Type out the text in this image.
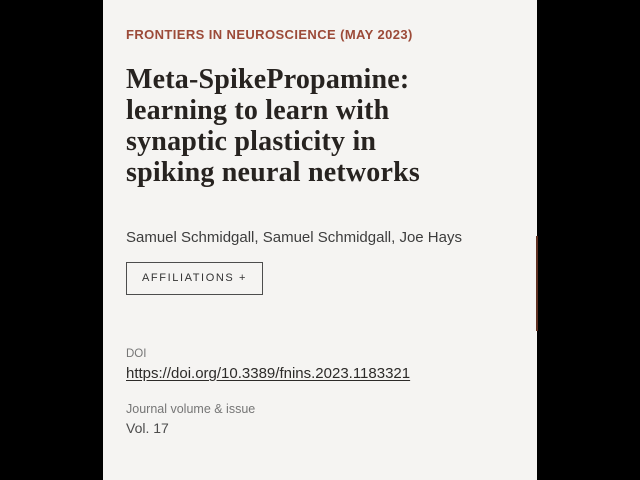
FRONTIERS IN NEUROSCIENCE (MAY 2023)
Meta-SpikePropamine:
learning to learn with
synaptic plasticity in
spiking neural networks
Samuel Schmidgall, Samuel Schmidgall, Joe Hays
AFFILIATIONS +
DOI
https://doi.org/10.3389/fnins.2023.1183321
Journal volume & issue
Vol. 17
